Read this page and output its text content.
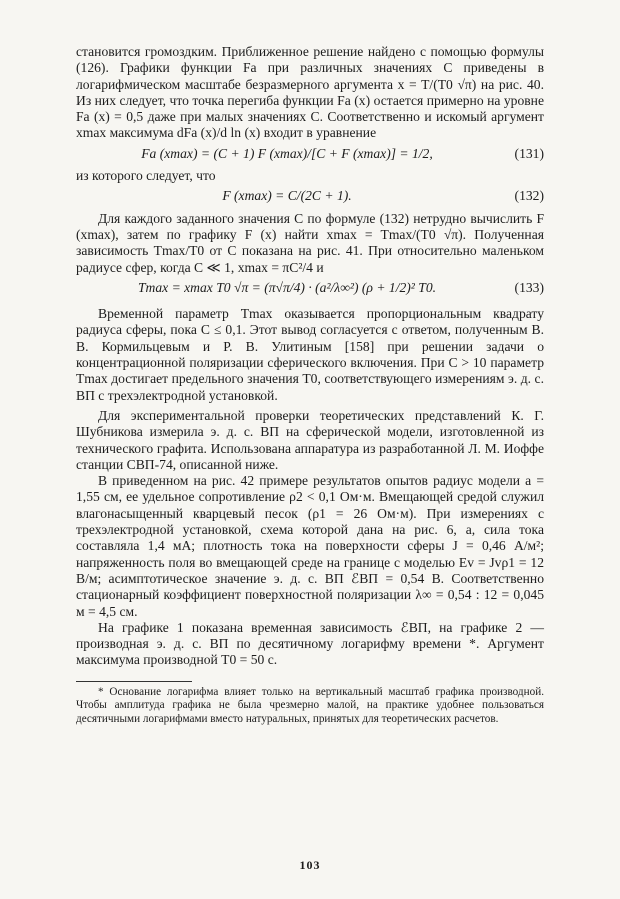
становится громоздким. Приближенное решение найдено с помощью формулы (126). Графики функции Fa при различных значениях C приведены в логарифмическом масштабе безразмерного аргумента x = T/(T0 √π) на рис. 40. Из них следует, что точка перегиба функции Fa (x) остается примерно на уровне Fa (x) = 0,5 даже при малых значениях C. Соответственно и искомый аргумент xmax максимума dFa (x)/d ln (x) входит в уравнение

Fa (xmax) = (C + 1) F (xmax)/[C + F (xmax)] = 1/2,	(131)

из которого следует, что

F (xmax) = C/(2C + 1).	(132)

Для каждого заданного значения C по формуле (132) нетрудно вычислить F (xmax), затем по графику F (x) найти xmax = Tmax/(T0 √π). Полученная зависимость Tmax/T0 от C показана на рис. 41. При относительно маленьком радиусе сфер, когда C ≪ 1, xmax = πC²/4 и

Tmax = xmax T0 √π = (π√π/4) · (a²/λ∞²) (ρ + 1/2)² T0.	(133)

Временной параметр Tmax оказывается пропорциональным квадрату радиуса сферы, пока C ≤ 0,1. Этот вывод согласуется с ответом, полученным В. В. Кормильцевым и Р. В. Улитиным [158] при решении задачи о концентрационной поляризации сферического включения. При C > 10 параметр Tmax достигает предельного значения T0, соответствующего измерениям э. д. с. ВП с трехэлектродной установкой.

Для экспериментальной проверки теоретических представлений К. Г. Шубникова измерила э. д. с. ВП на сферической модели, изготовленной из технического графита. Использована аппаратура из разработанной Л. М. Иоффе станции СВП-74, описанной ниже.

В приведенном на рис. 42 примере результатов опытов радиус модели a = 1,55 см, ее удельное сопротивление ρ2 < 0,1 Ом·м. Вмещающей средой служил влагонасыщенный кварцевый песок (ρ1 = 26 Ом·м). При измерениях с трехэлектродной установкой, схема которой дана на рис. 6, а, сила тока составляла 1,4 мА; плотность тока на поверхности сферы J = 0,46 А/м²; напряженность поля во вмещающей среде на границе с моделью Ev = Jvρ1 = 12 В/м; асимптотическое значение э. д. с. ВП ℰВП = 0,54 В. Соответственно стационарный коэффициент поверхностной поляризации λ∞ = 0,54 : 12 = 0,045 м = 4,5 см.

На графике 1 показана временная зависимость ℰВП, на графике 2 — производная э. д. с. ВП по десятичному логарифму времени *. Аргумент максимума производной T0 = 50 с.

* Основание логарифма влияет только на вертикальный масштаб графика производной. Чтобы амплитуда графика не была чрезмерно малой, на практике удобнее пользоваться десятичными логарифмами вместо натуральных, принятых для теоретических расчетов.

103
